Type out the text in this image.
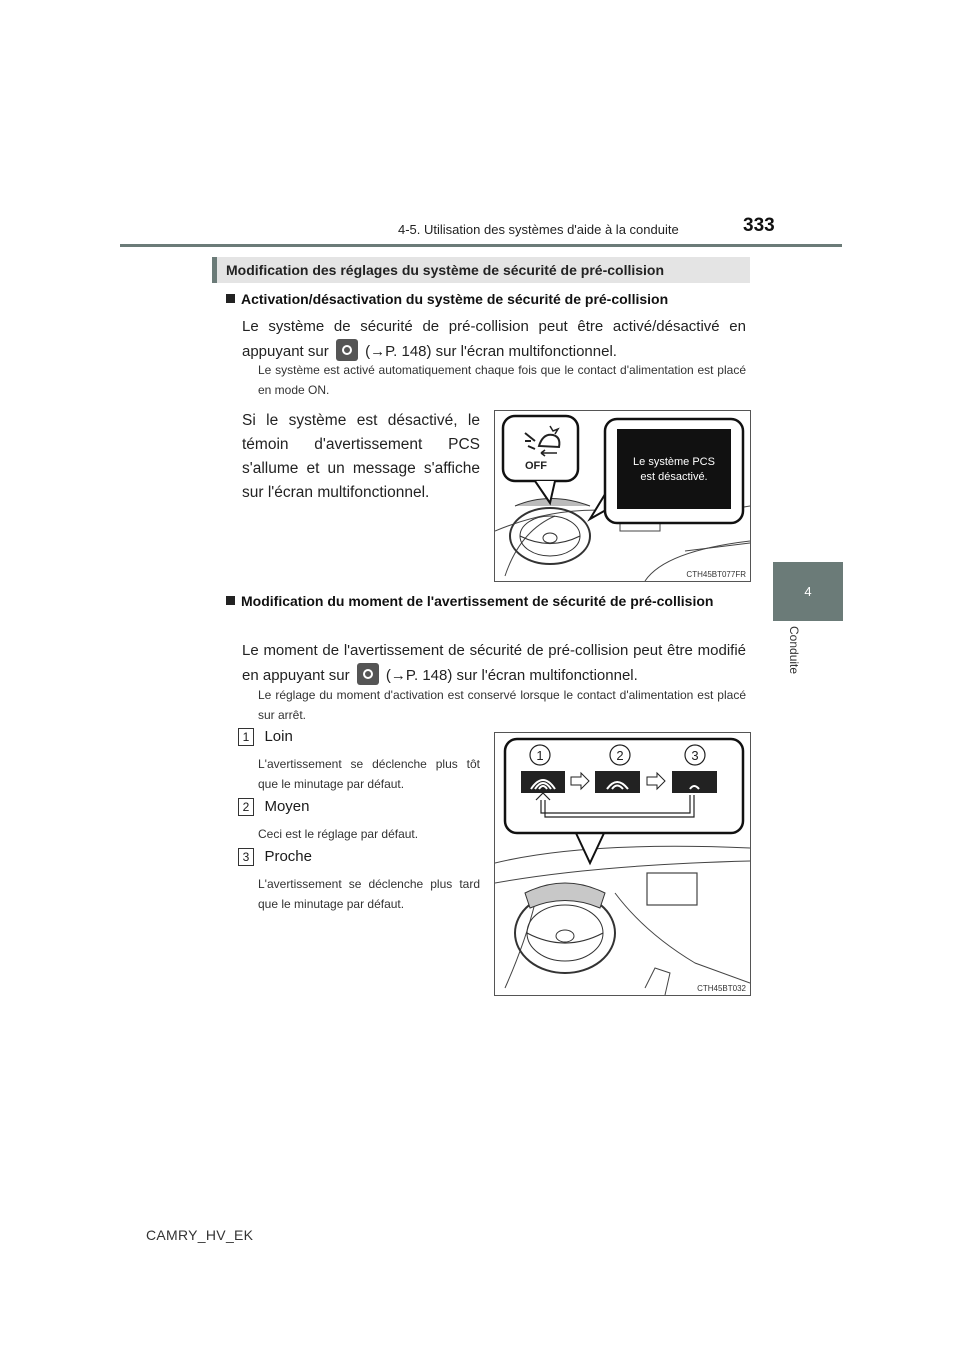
4-5. Utilisation des systèmes d'aide à la conduite	333
4
Conduite
Modification des réglages du système de sécurité de pré-collision
Activation/désactivation du système de sécurité de pré-collision
Le système de sécurité de pré-collision peut être activé/désactivé en appuyant sur (→P. 148) sur l'écran multifonctionnel.
Le système est activé automatiquement chaque fois que le contact d'alimentation est placé en mode ON.
Si le système est désactivé, le témoin d'avertissement PCS s'allume et un message s'affiche sur l'écran multifonctionnel.
OFF	Le système PCS
est désactivé.
CTH45BT077FR
Modification du moment de l'avertissement de sécurité de pré-collision
Le moment de l'avertissement de sécurité de pré-collision peut être modifié en appuyant sur (→P. 148) sur l'écran multifonctionnel.
Le réglage du moment d'activation est conservé lorsque le contact d'alimentation est placé sur arrêt.
1 Loin
L'avertissement se déclenche plus tôt que le minutage par défaut.
2 Moyen
Ceci est le réglage par défaut.
3 Proche
L'avertissement se déclenche plus tard que le minutage par défaut.
1	2	3
CTH45BT032
CAMRY_HV_EK
